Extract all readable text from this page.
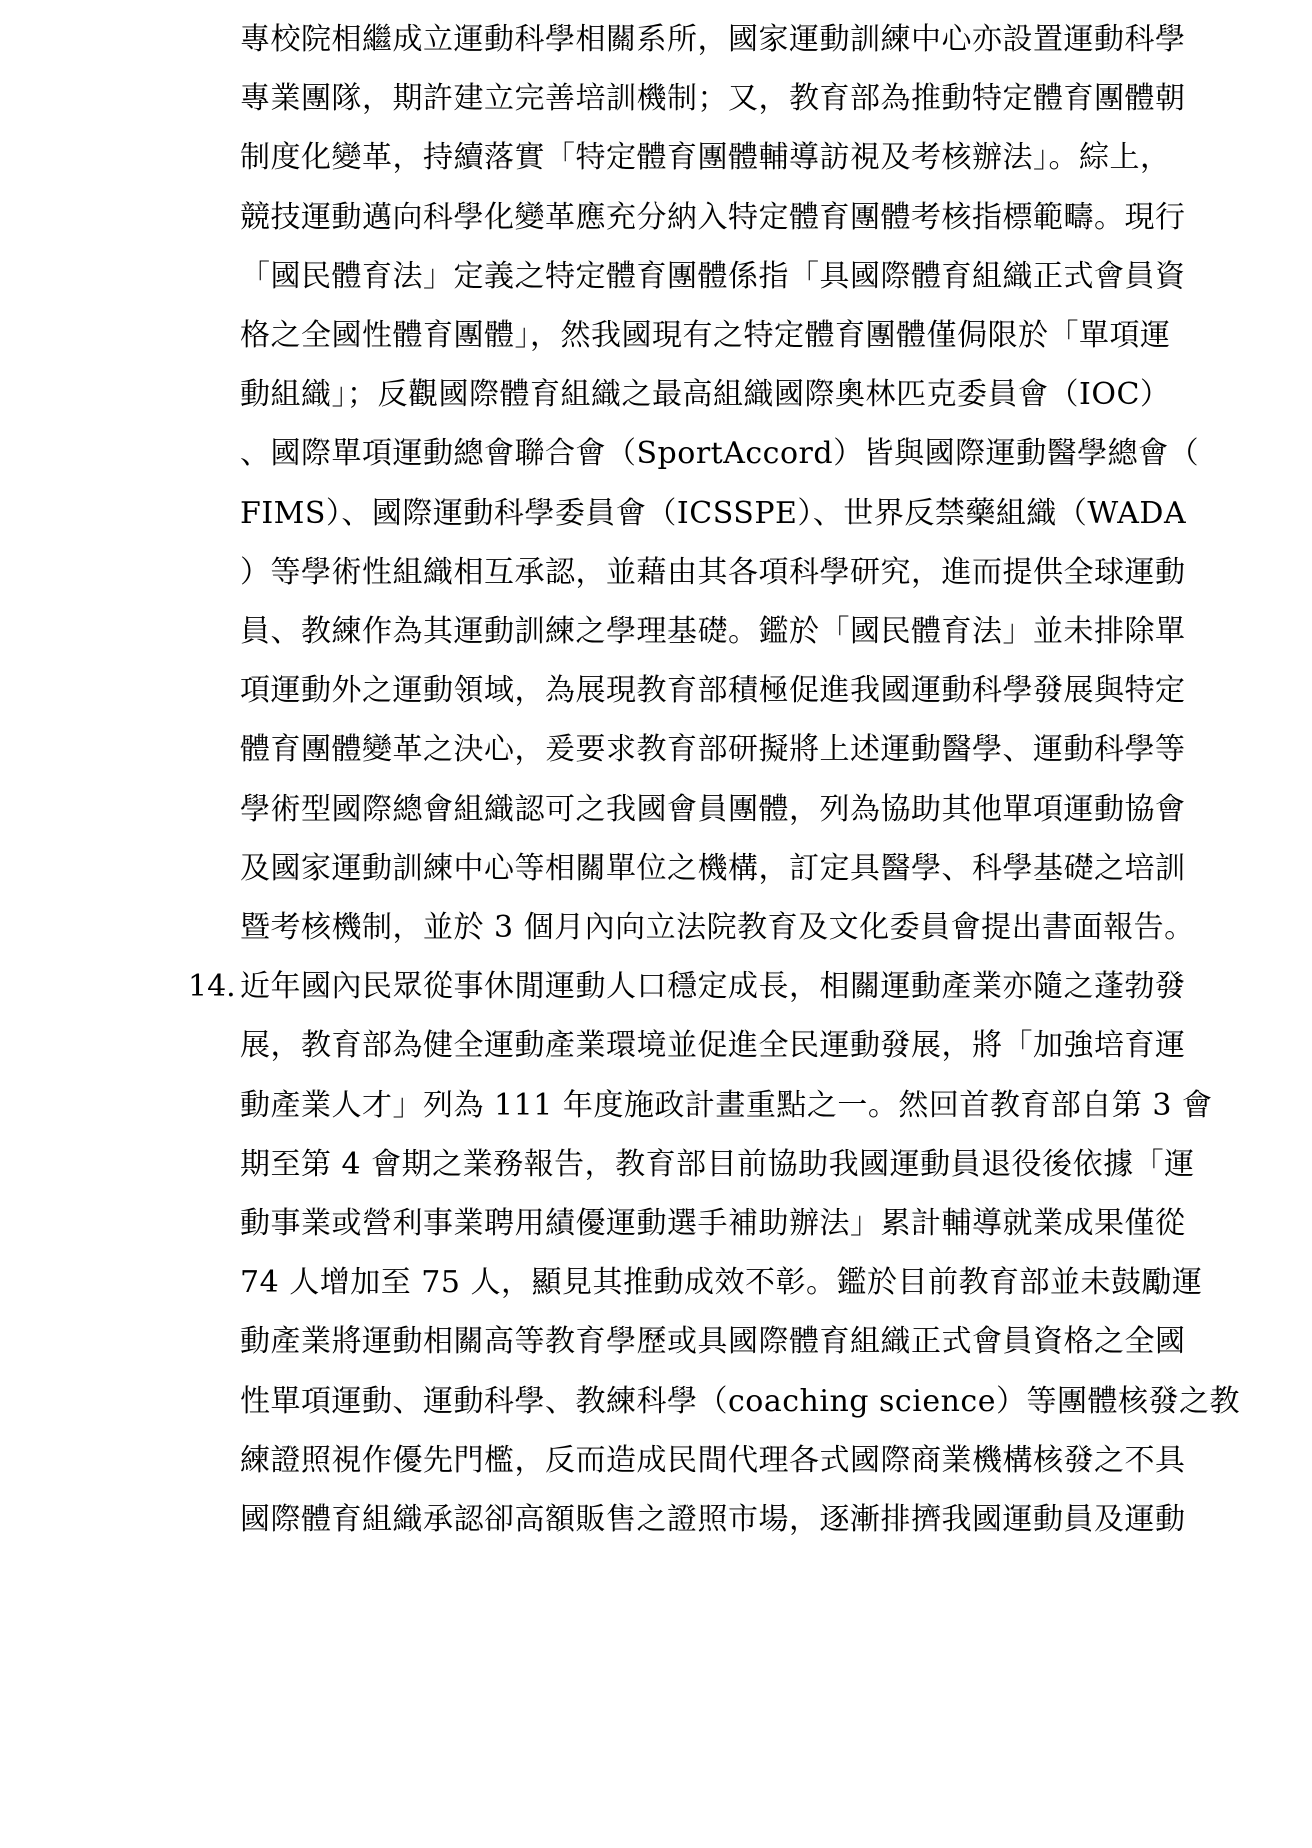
專校院相繼成立運動科學相關系所，國家運動訓練中心亦設置運動科學
專業團隊，期許建立完善培訓機制；又，教育部為推動特定體育團體朝
制度化變革，持續落實「特定體育團體輔導訪視及考核辦法」。綜上，
競技運動邁向科學化變革應充分納入特定體育團體考核指標範疇。現行
「國民體育法」定義之特定體育團體係指「具國際體育組織正式會員資
格之全國性體育團體」，然我國現有之特定體育團體僅侷限於「單項運
動組織」；反觀國際體育組織之最高組織國際奧林匹克委員會（IOC）
、國際單項運動總會聯合會（SportAccord）皆與國際運動醫學總會（
FIMS）、國際運動科學委員會（ICSSPE）、世界反禁藥組織（WADA
）等學術性組織相互承認，並藉由其各項科學研究，進而提供全球運動
員、教練作為其運動訓練之學理基礎。鑑於「國民體育法」並未排除單
項運動外之運動領域，為展現教育部積極促進我國運動科學發展與特定
體育團體變革之決心，爰要求教育部研擬將上述運動醫學、運動科學等
學術型國際總會組織認可之我國會員團體，列為協助其他單項運動協會
及國家運動訓練中心等相關單位之機構，訂定具醫學、科學基礎之培訓
暨考核機制，並於 3 個月內向立法院教育及文化委員會提出書面報告。
14. 近年國內民眾從事休閒運動人口穩定成長，相關運動產業亦隨之蓬勃發
展，教育部為健全運動產業環境並促進全民運動發展，將「加強培育運
動產業人才」列為 111 年度施政計畫重點之一。然回首教育部自第 3 會
期至第 4 會期之業務報告，教育部目前協助我國運動員退役後依據「運
動事業或營利事業聘用績優運動選手補助辦法」累計輔導就業成果僅從
74 人增加至 75 人，顯見其推動成效不彰。鑑於目前教育部並未鼓勵運
動產業將運動相關高等教育學歷或具國際體育組織正式會員資格之全國
性單項運動、運動科學、教練科學（coaching science）等團體核發之教
練證照視作優先門檻，反而造成民間代理各式國際商業機構核發之不具
國際體育組織承認卻高額販售之證照市場，逐漸排擠我國運動員及運動
